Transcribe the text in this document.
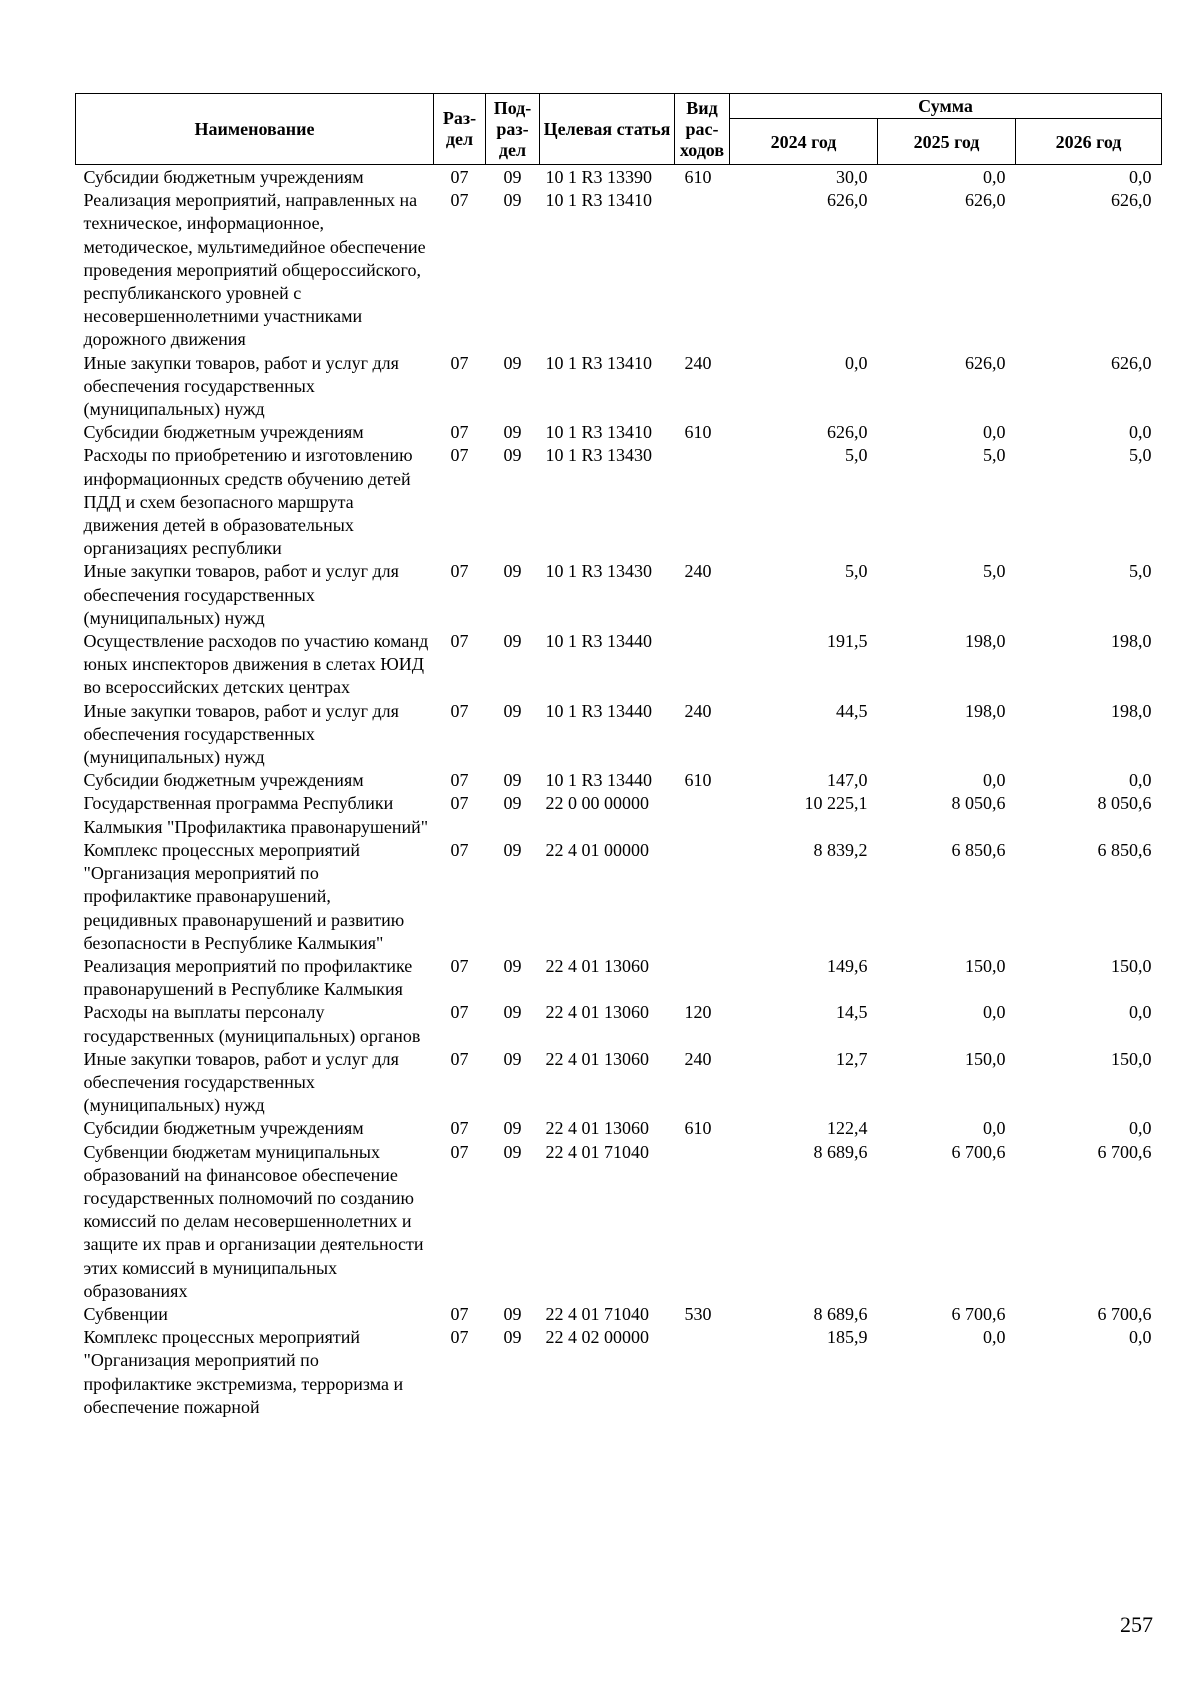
Наименование	Раз-дел	Под-раз-дел	Целевая статья	Вид рас-ходов	Сумма		
					2024 год	2025 год	2026 год
Субсидии бюджетным учреждениям	07	09	10 1 R3 13390	610	30,0	0,0	0,0
Реализация мероприятий, направленных на техническое, информационное, методическое, мультимедийное обеспечение проведения мероприятий общероссийского, республиканского уровней с несовершеннолетними участниками дорожного движения	07	09	10 1 R3 13410		626,0	626,0	626,0
Иные закупки товаров, работ и услуг для обеспечения государственных (муниципальных) нужд	07	09	10 1 R3 13410	240	0,0	626,0	626,0
Субсидии бюджетным учреждениям	07	09	10 1 R3 13410	610	626,0	0,0	0,0
Расходы по приобретению и изготовлению информационных средств обучению детей ПДД и схем безопасного маршрута движения детей в образовательных организациях республики	07	09	10 1 R3 13430		5,0	5,0	5,0
Иные закупки товаров, работ и услуг для обеспечения государственных (муниципальных) нужд	07	09	10 1 R3 13430	240	5,0	5,0	5,0
Осуществление расходов по участию команд юных инспекторов движения в слетах ЮИД во всероссийских детских центрах	07	09	10 1 R3 13440		191,5	198,0	198,0
Иные закупки товаров, работ и услуг для обеспечения государственных (муниципальных) нужд	07	09	10 1 R3 13440	240	44,5	198,0	198,0
Субсидии бюджетным учреждениям	07	09	10 1 R3 13440	610	147,0	0,0	0,0
Государственная программа Республики Калмыкия "Профилактика правонарушений"	07	09	22 0 00 00000		10 225,1	8 050,6	8 050,6
Комплекс процессных мероприятий "Организация мероприятий по профилактике правонарушений, рецидивных правонарушений и развитию безопасности в Республике Калмыкия"	07	09	22 4 01 00000		8 839,2	6 850,6	6 850,6
Реализация мероприятий по профилактике правонарушений в Республике Калмыкия	07	09	22 4 01 13060		149,6	150,0	150,0
Расходы на выплаты персоналу государственных (муниципальных) органов	07	09	22 4 01 13060	120	14,5	0,0	0,0
Иные закупки товаров, работ и услуг для обеспечения государственных (муниципальных) нужд	07	09	22 4 01 13060	240	12,7	150,0	150,0
Субсидии бюджетным учреждениям	07	09	22 4 01 13060	610	122,4	0,0	0,0
Субвенции бюджетам муниципальных образований на финансовое обеспечение государственных полномочий по созданию комиссий по делам несовершеннолетних и защите их прав и организации деятельности этих комиссий в муниципальных образованиях	07	09	22 4 01 71040		8 689,6	6 700,6	6 700,6
Субвенции	07	09	22 4 01 71040	530	8 689,6	6 700,6	6 700,6
Комплекс процессных мероприятий "Организация мероприятий по профилактике экстремизма, терроризма и обеспечение пожарной	07	09	22 4 02 00000		185,9	0,0	0,0
257
